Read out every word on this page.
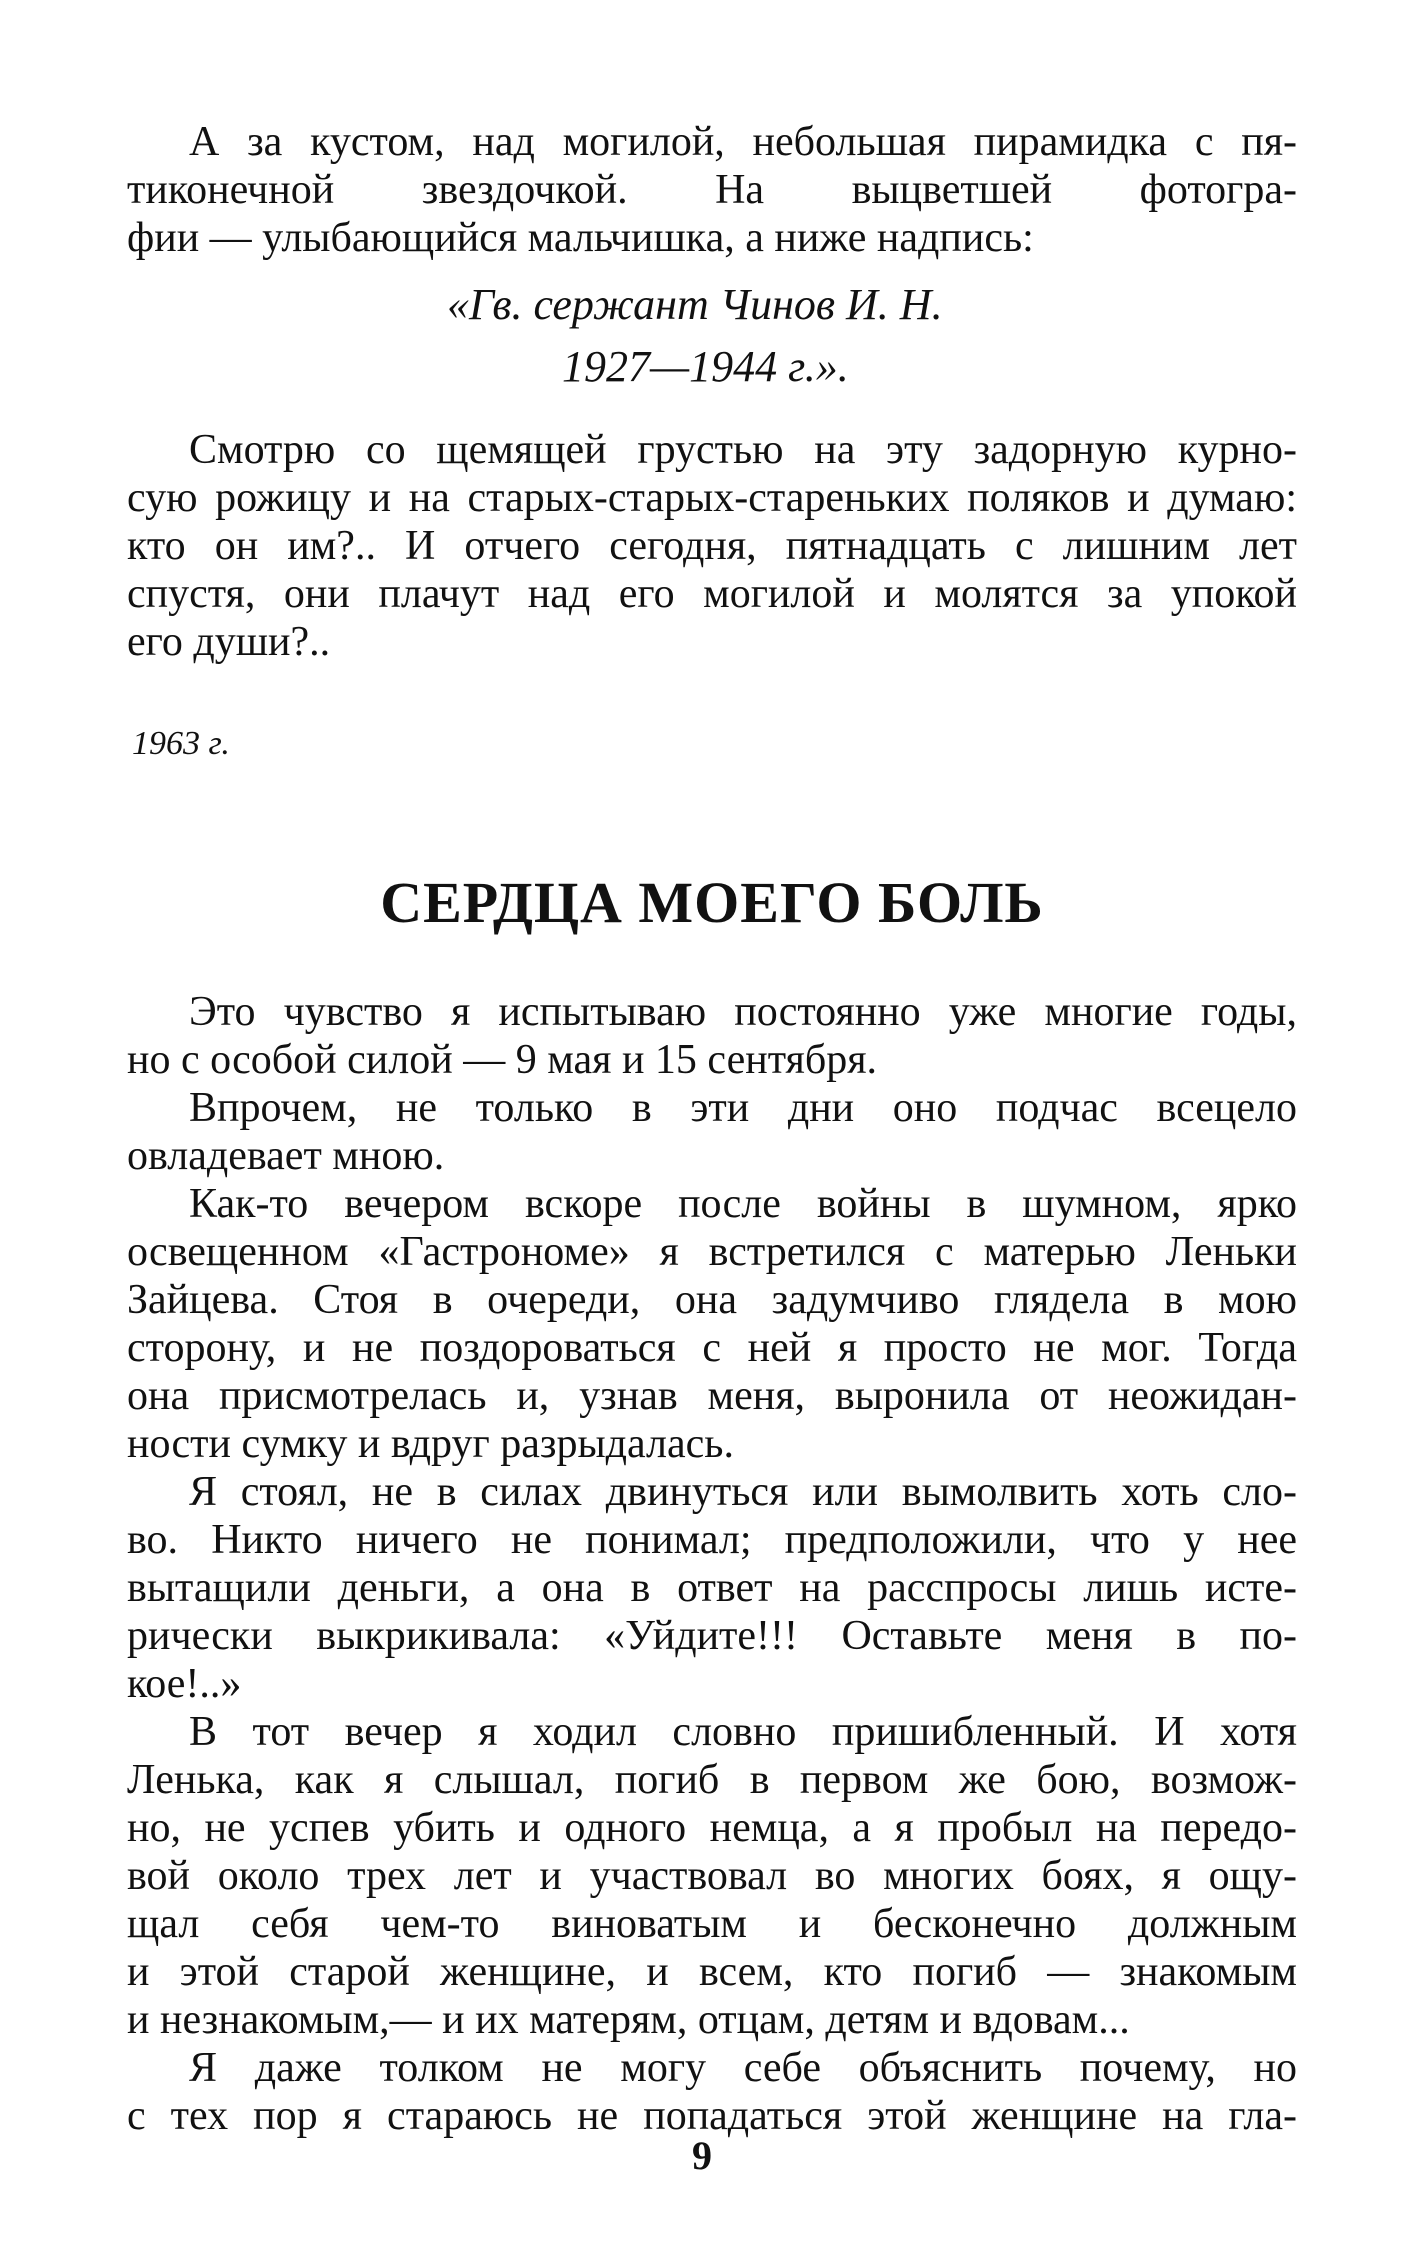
А за кустом, над могилой, небольшая пирамидка с пя-
тиконечной звездочкой. На выцветшей фотогра-
фии — улыбающийся мальчишка, а ниже надпись:
«Гв. сержант Чинов И. Н.
1927—1944 г.».
Смотрю со щемящей грустью на эту задорную курно-
сую рожицу и на старых-старых-стареньких поляков и думаю:
кто он им?.. И отчего сегодня, пятнадцать с лишним лет
спустя, они плачут над его могилой и молятся за упокой
его души?..
1963 г.
СЕРДЦА МОЕГО БОЛЬ
Это чувство я испытываю постоянно уже многие годы,
но с особой силой — 9 мая и 15 сентября.
Впрочем, не только в эти дни оно подчас всецело
овладевает мною.
Как-то вечером вскоре после войны в шумном, ярко
освещенном «Гастрономе» я встретился с матерью Леньки
Зайцева. Стоя в очереди, она задумчиво глядела в мою
сторону, и не поздороваться с ней я просто не мог. Тогда
она присмотрелась и, узнав меня, выронила от неожидан-
ности сумку и вдруг разрыдалась.
Я стоял, не в силах двинуться или вымолвить хоть сло-
во. Никто ничего не понимал; предположили, что у нее
вытащили деньги, а она в ответ на расспросы лишь исте-
рически выкрикивала: «Уйдите!!! Оставьте меня в по-
кое!..»
В тот вечер я ходил словно пришибленный. И хотя
Ленька, как я слышал, погиб в первом же бою, возмож-
но, не успев убить и одного немца, а я пробыл на передо-
вой около трех лет и участвовал во многих боях, я ощу-
щал себя чем-то виноватым и бесконечно должным
и этой старой женщине, и всем, кто погиб — знакомым
и незнакомым,— и их матерям, отцам, детям и вдовам...
Я даже толком не могу себе объяснить почему, но
с тех пор я стараюсь не попадаться этой женщине на гла-
9
